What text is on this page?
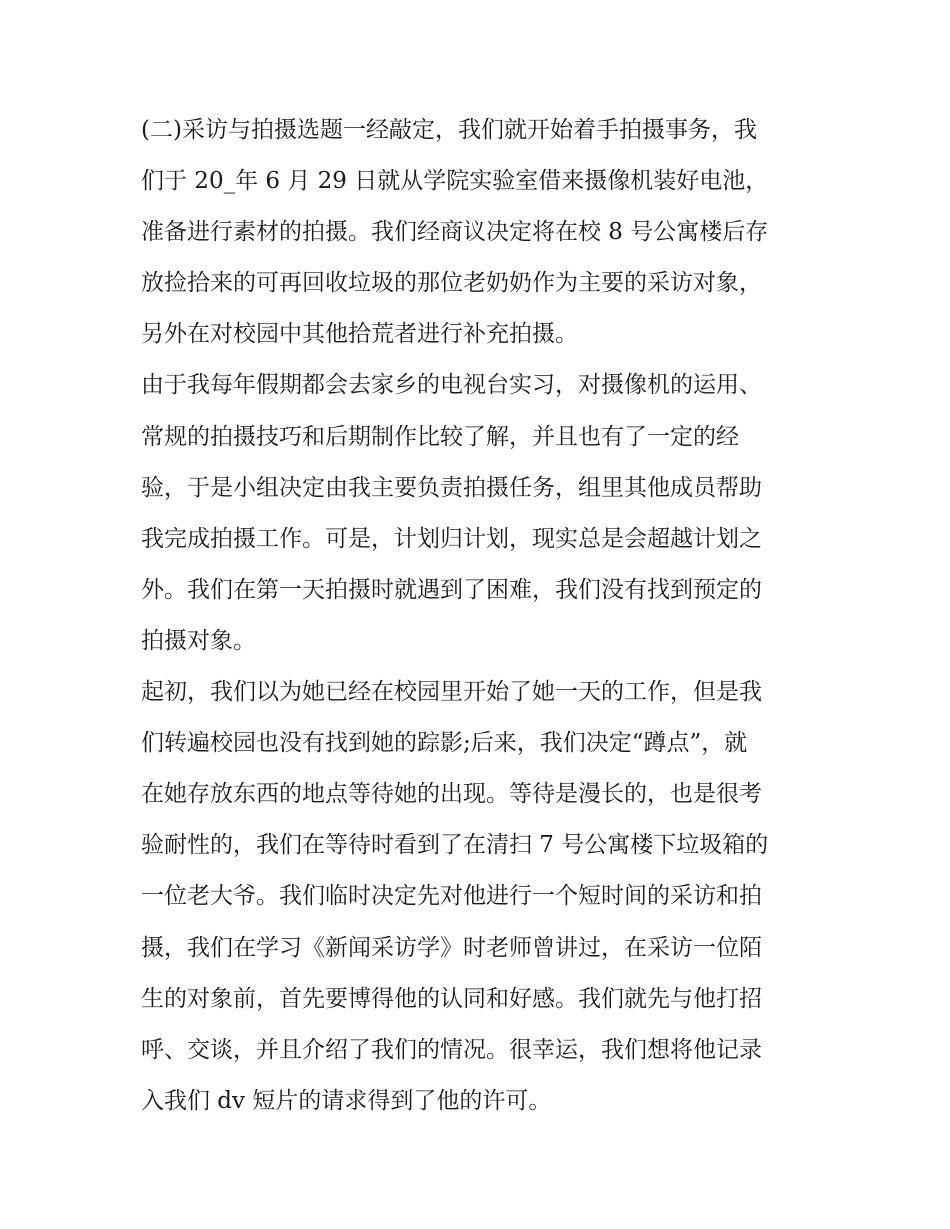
(二)采访与拍摄选题一经敲定，我们就开始着手拍摄事务，我
们于 20_年 6 月 29 日就从学院实验室借来摄像机装好电池，
准备进行素材的拍摄。我们经商议决定将在校 8 号公寓楼后存
放捡拾来的可再回收垃圾的那位老奶奶作为主要的采访对象，
另外在对校园中其他拾荒者进行补充拍摄。
由于我每年假期都会去家乡的电视台实习，对摄像机的运用、
常规的拍摄技巧和后期制作比较了解，并且也有了一定的经
验，于是小组决定由我主要负责拍摄任务，组里其他成员帮助
我完成拍摄工作。可是，计划归计划，现实总是会超越计划之
外。我们在第一天拍摄时就遇到了困难，我们没有找到预定的
拍摄对象。
起初，我们以为她已经在校园里开始了她一天的工作，但是我
们转遍校园也没有找到她的踪影;后来，我们决定“蹲点”，就
在她存放东西的地点等待她的出现。等待是漫长的，也是很考
验耐性的，我们在等待时看到了在清扫 7 号公寓楼下垃圾箱的
一位老大爷。我们临时决定先对他进行一个短时间的采访和拍
摄，我们在学习《新闻采访学》时老师曾讲过，在采访一位陌
生的对象前，首先要博得他的认同和好感。我们就先与他打招
呼、交谈，并且介绍了我们的情况。很幸运，我们想将他记录
入我们 dv 短片的请求得到了他的许可。
